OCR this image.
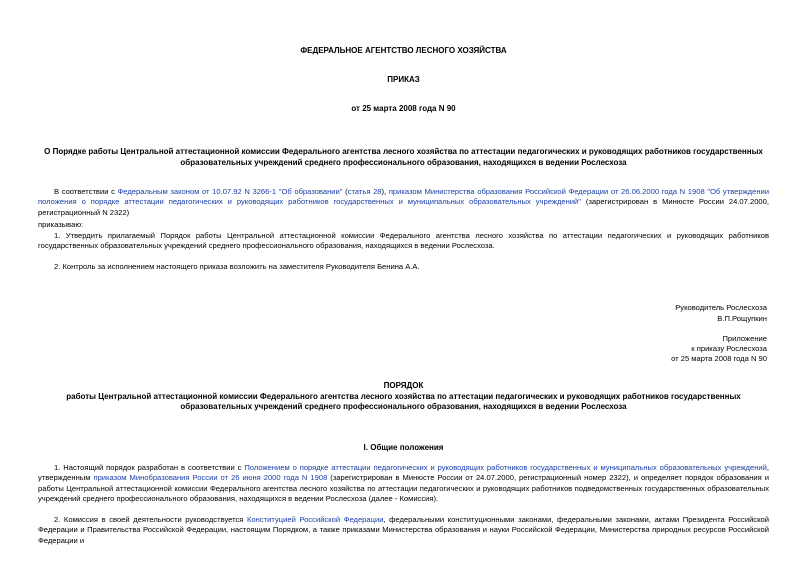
ФЕДЕРАЛЬНОЕ АГЕНТСТВО ЛЕСНОГО ХОЗЯЙСТВА

ПРИКАЗ

от 25 марта 2008 года N 90

О Порядке работы Центральной аттестационной комиссии Федерального агентства лесного хозяйства по аттестации педагогических и руководящих работников государственных образовательных учреждений среднего профессионального образования, находящихся в ведении Рослесхоза

В соответствии с Федеральным законом от 10.07.92 N 3266-1 "Об образовании" (статья 28), приказом Министерства образования Российской Федерации от 26.06.2000 года N 1908 "Об утверждении положения о порядке аттестации педагогических и руководящих работников государственных и муниципальных образовательных учреждений" (зарегистрирован в Минюсте России 24.07.2000, регистрационный N 2322)

приказываю:

1. Утвердить прилагаемый Порядок работы Центральной аттестационной комиссии Федерального агентства лесного хозяйства по аттестации педагогических и руководящих работников государственных образовательных учреждений среднего профессионального образования, находящихся в ведении Рослесхоза.

2. Контроль за исполнением настоящего приказа возложить на заместителя Руководителя Бенина А.А.

Руководитель Рослесхоза

В.П.Рощупкин

Приложение

к приказу Рослесхоза

от 25 марта 2008 года N 90

ПОРЯДОК
работы Центральной аттестационной комиссии Федерального агентства лесного хозяйства по аттестации педагогических и руководящих работников государственных образовательных учреждений среднего профессионального образования, находящихся в ведении Рослесхоза

I. Общие положения

1. Настоящий порядок разработан в соответствии с Положением о порядке аттестации педагогических и руководящих работников государственных и муниципальных образовательных учреждений, утвержденным приказом Минобразования России от 26 июня 2000 года N 1908 (зарегистрирован в Минюсте России от 24.07.2000, регистрационный номер 2322), и определяет порядок образования и работы Центральной аттестационной комиссии Федерального агентства лесного хозяйства по аттестации педагогических и руководящих работников подведомственных государственных образовательных учреждений среднего профессионального образования, находящихся в ведении Рослесхоза (далее - Комиссия).

2. Комиссия в своей деятельности руководствуется Конституцией Российской Федерации, федеральными конституционными законами, федеральными законами, актами Президента Российской Федерации и Правительства Российской Федерации, настоящим Порядком, а также приказами Министерства образования и науки Российской Федерации, Министерства природных ресурсов Российской Федерации и
